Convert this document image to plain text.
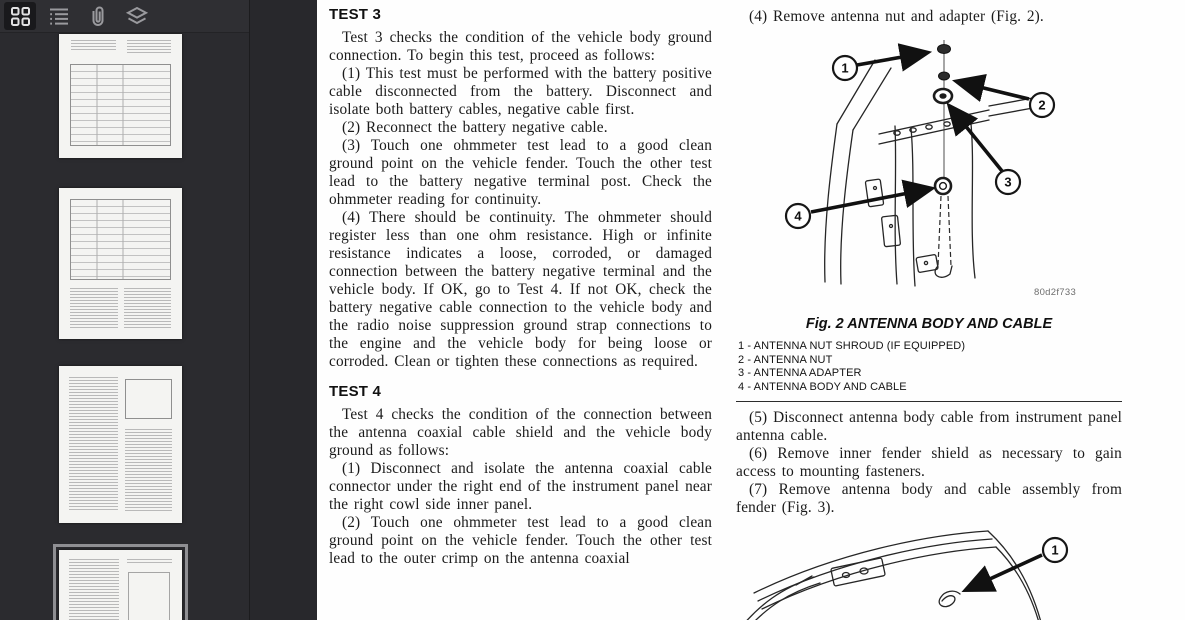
TEST 3

Test 3 checks the condition of the vehicle body ground connection. To begin this test, proceed as follows:

(1) This test must be performed with the battery positive cable disconnected from the battery. Disconnect and isolate both battery cables, negative cable first.

(2) Reconnect the battery negative cable.

(3) Touch one ohmmeter test lead to a good clean ground point on the vehicle fender. Touch the other test lead to the battery negative terminal post. Check the ohmmeter reading for continuity.

(4) There should be continuity. The ohmmeter should register less than one ohm resistance. High or infinite resistance indicates a loose, corroded, or damaged connection between the battery negative terminal and the vehicle body. If OK, go to Test 4. If not OK, check the battery negative cable connection to the vehicle body and the radio noise suppression ground strap connections to the engine and the vehicle body for being loose or corroded. Clean or tighten these connections as required.

TEST 4

Test 4 checks the condition of the connection between the antenna coaxial cable shield and the vehicle body ground as follows:

(1) Disconnect and isolate the antenna coaxial cable connector under the right end of the instrument panel near the right cowl side inner panel.

(2) Touch one ohmmeter test lead to a good clean ground point on the vehicle fender. Touch the other test lead to the outer crimp on the antenna coaxial

(4) Remove antenna nut and adapter (Fig. 2).

1
2
3
4
80d2f733
Fig. 2 ANTENNA BODY AND CABLE
1 - ANTENNA NUT SHROUD (IF EQUIPPED)
2 - ANTENNA NUT
3 - ANTENNA ADAPTER
4 - ANTENNA BODY AND CABLE

(5) Disconnect antenna body cable from instrument panel antenna cable.

(6) Remove inner fender shield as necessary to gain access to mounting fasteners.

(7) Remove antenna body and cable assembly from fender (Fig. 3).

1
